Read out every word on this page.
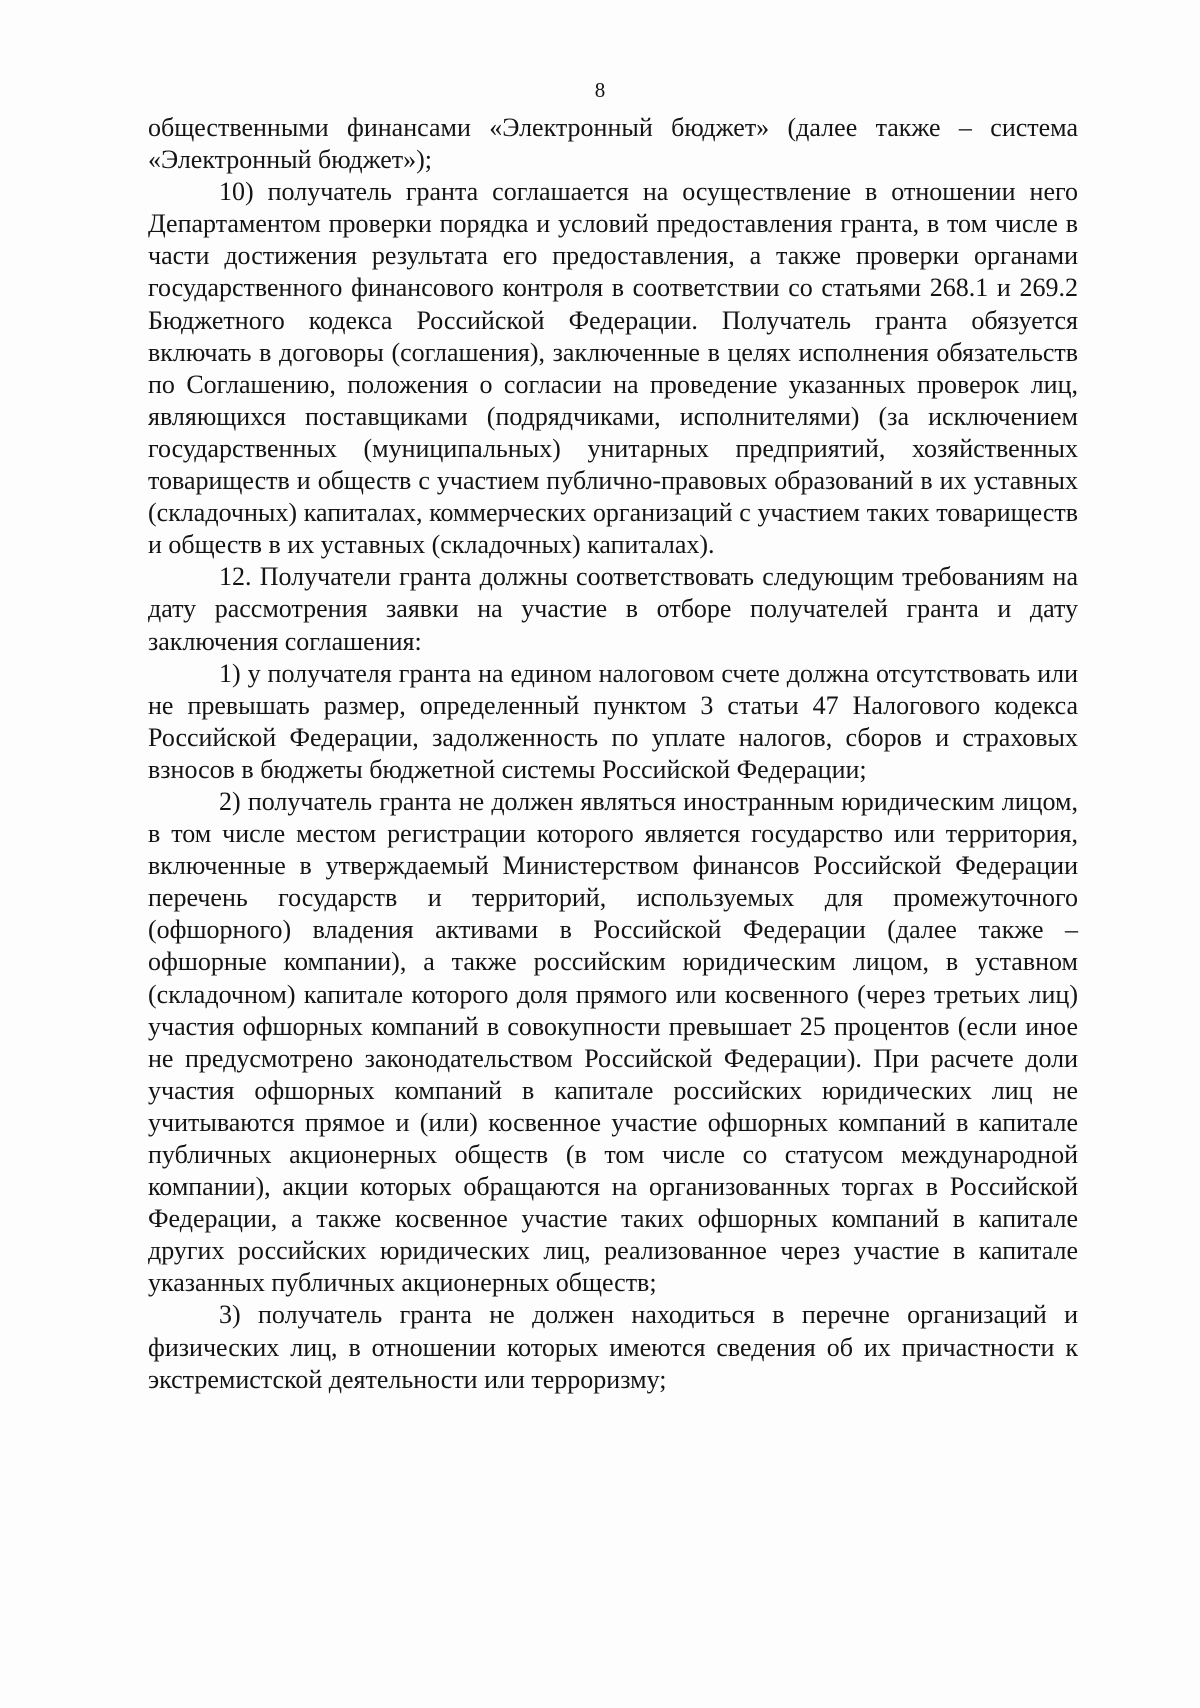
8

общественными финансами «Электронный бюджет» (далее также – система «Электронный бюджет»);

10) получатель гранта соглашается на осуществление в отношении него Департаментом проверки порядка и условий предоставления гранта, в том числе в части достижения результата его предоставления, а также проверки органами государственного финансового контроля в соответствии со статьями 268.1 и 269.2 Бюджетного кодекса Российской Федерации. Получатель гранта обязуется включать в договоры (соглашения), заключенные в целях исполнения обязательств по Соглашению, положения о согласии на проведение указанных проверок лиц, являющихся поставщиками (подрядчиками, исполнителями) (за исключением государственных (муниципальных) унитарных предприятий, хозяйственных товариществ и обществ с участием публично-правовых образований в их уставных (складочных) капиталах, коммерческих организаций с участием таких товариществ и обществ в их уставных (складочных) капиталах).

12. Получатели гранта должны соответствовать следующим требованиям на дату рассмотрения заявки на участие в отборе получателей гранта и дату заключения соглашения:

1) у получателя гранта на едином налоговом счете должна отсутствовать или не превышать размер, определенный пунктом 3 статьи 47 Налогового кодекса Российской Федерации, задолженность по уплате налогов, сборов и страховых взносов в бюджеты бюджетной системы Российской Федерации;

2) получатель гранта не должен являться иностранным юридическим лицом, в том числе местом регистрации которого является государство или территория, включенные в утверждаемый Министерством финансов Российской Федерации перечень государств и территорий, используемых для промежуточного (офшорного) владения активами в Российской Федерации (далее также – офшорные компании), а также российским юридическим лицом, в уставном (складочном) капитале которого доля прямого или косвенного (через третьих лиц) участия офшорных компаний в совокупности превышает 25 процентов (если иное не предусмотрено законодательством Российской Федерации). При расчете доли участия офшорных компаний в капитале российских юридических лиц не учитываются прямое и (или) косвенное участие офшорных компаний в капитале публичных акционерных обществ (в том числе со статусом международной компании), акции которых обращаются на организованных торгах в Российской Федерации, а также косвенное участие таких офшорных компаний в капитале других российских юридических лиц, реализованное через участие в капитале указанных публичных акционерных обществ;

3) получатель гранта не должен находиться в перечне организаций и физических лиц, в отношении которых имеются сведения об их причастности к экстремистской деятельности или терроризму;
